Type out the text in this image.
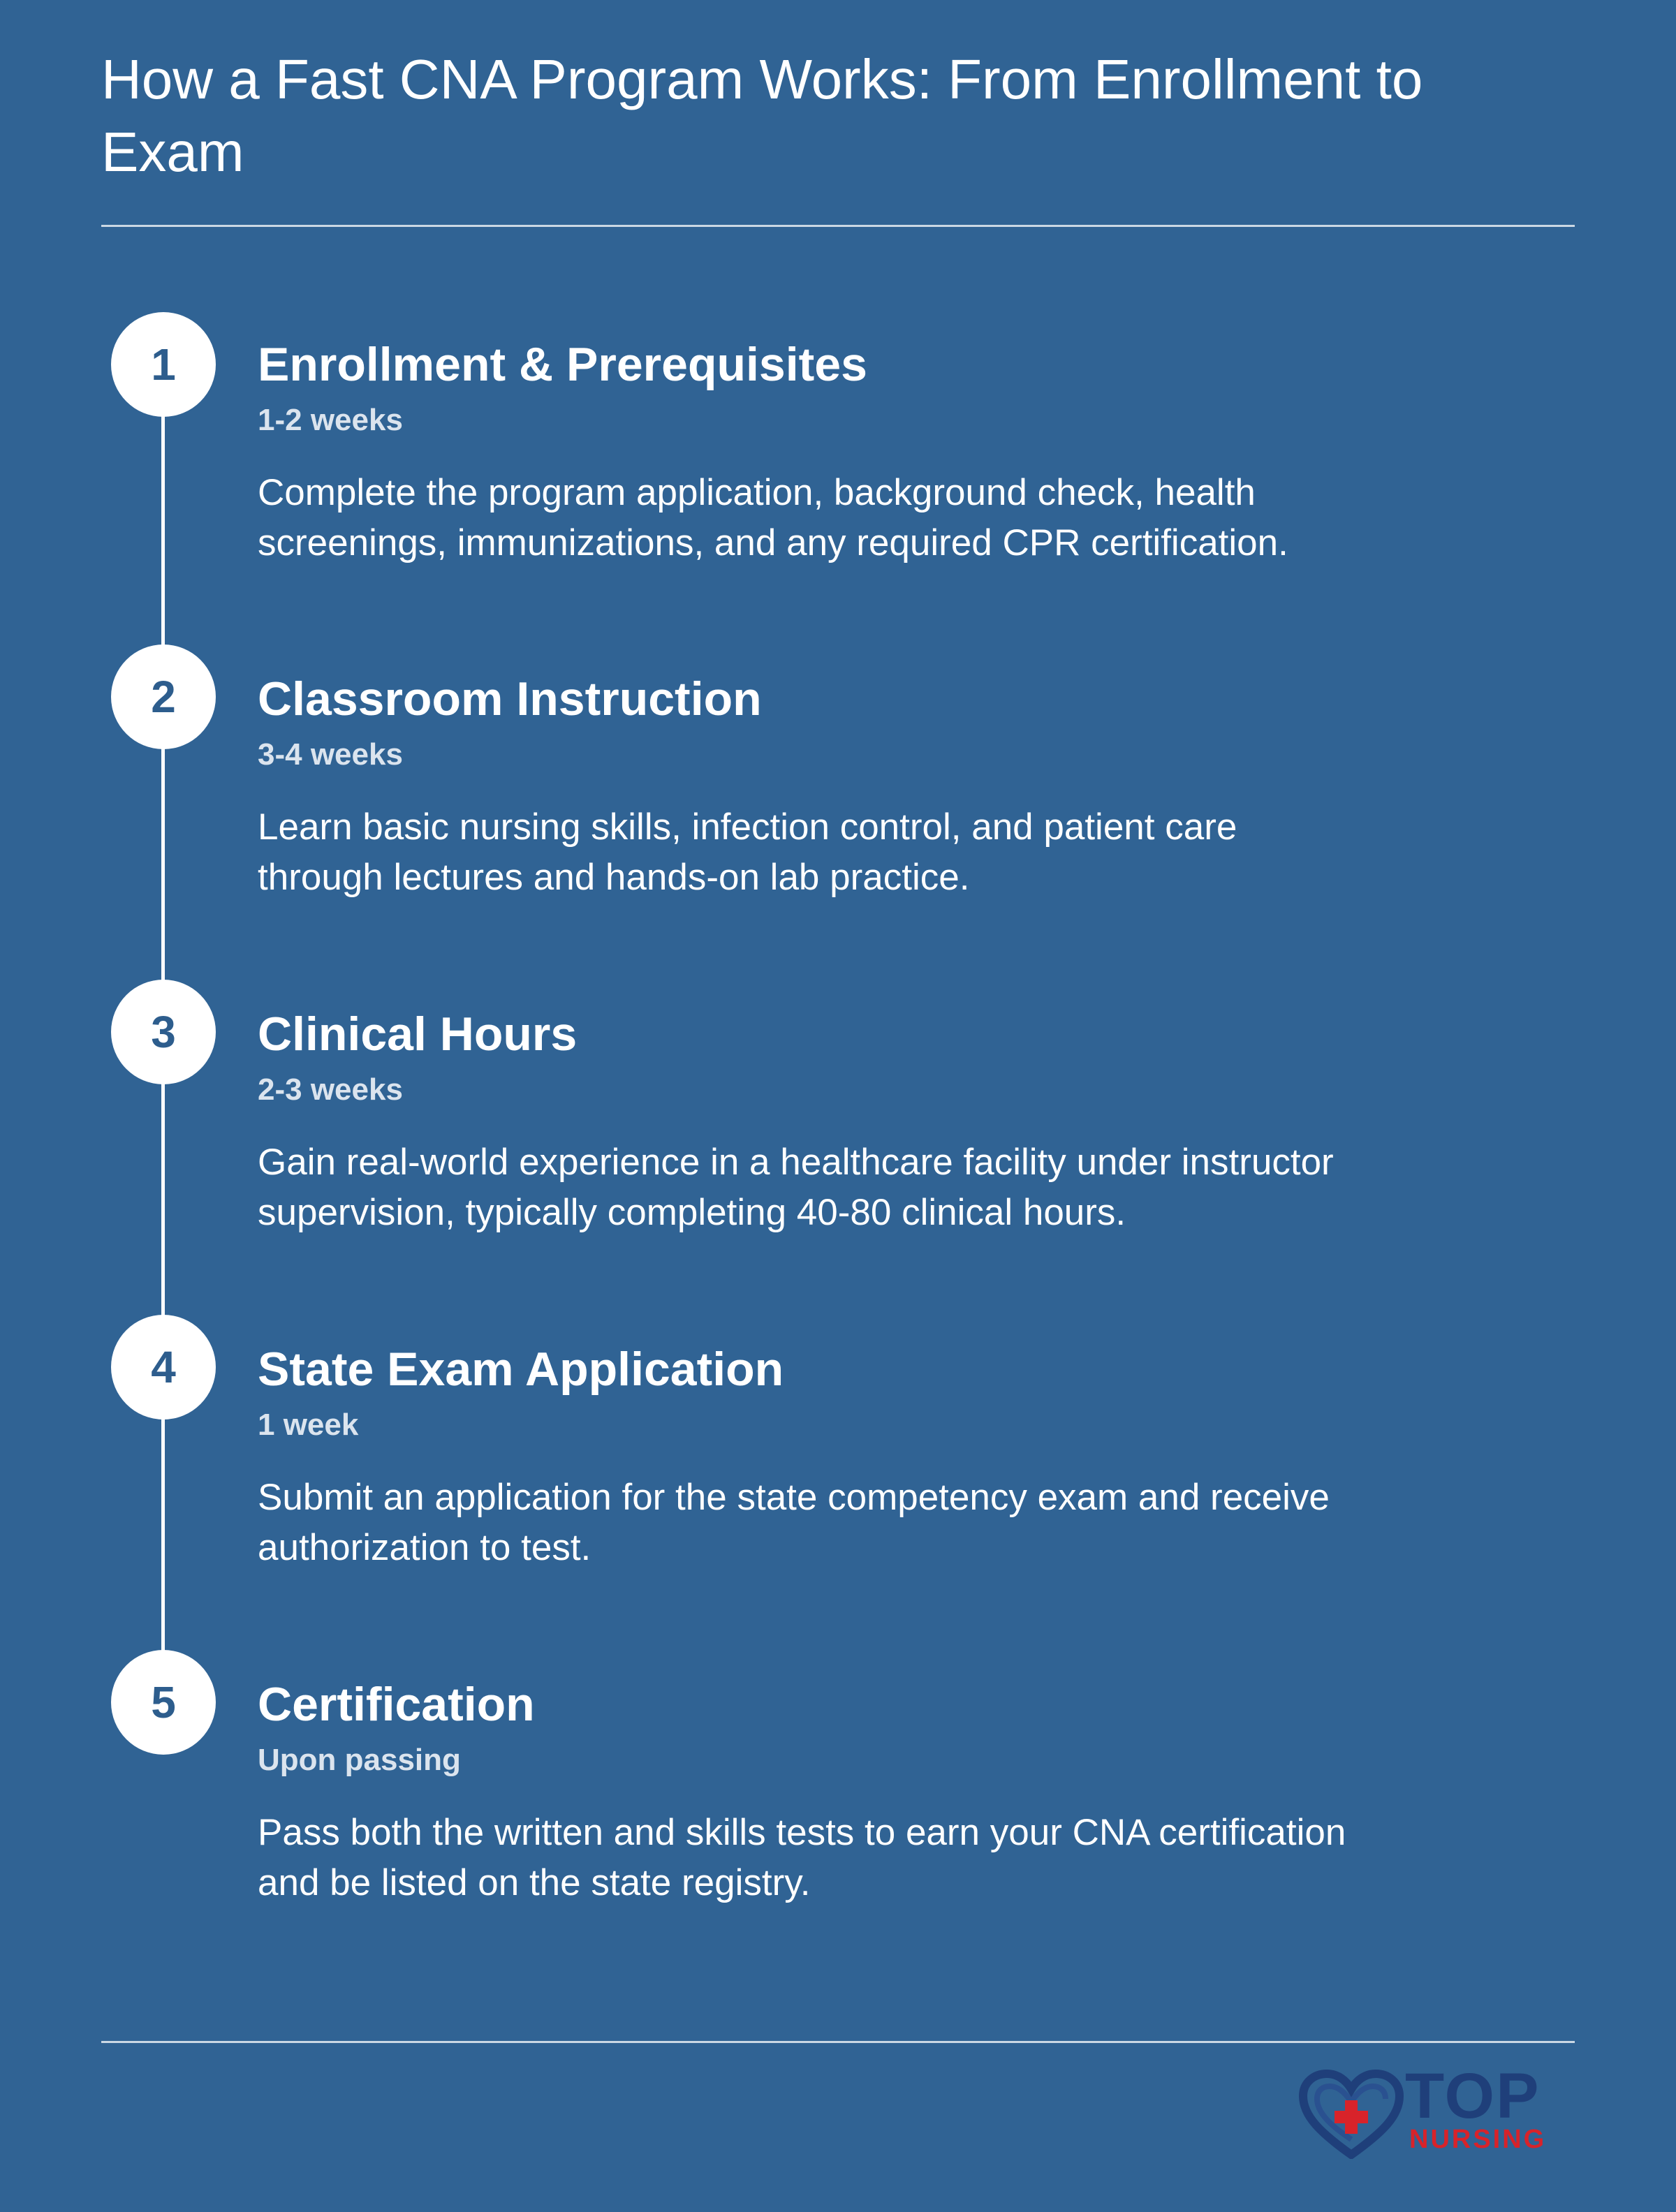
How a Fast CNA Program Works: From Enrollment to Exam
1	Enrollment & Prerequisites
1-2 weeks
Complete the program application, background check, health screenings, immunizations, and any required CPR certification.
2	Classroom Instruction
3-4 weeks
Learn basic nursing skills, infection control, and patient care through lectures and hands-on lab practice.
3	Clinical Hours
2-3 weeks
Gain real-world experience in a healthcare facility under instructor supervision, typically completing 40-80 clinical hours.
4	State Exam Application
1 week
Submit an application for the state competency exam and receive authorization to test.
5	Certification
Upon passing
Pass both the written and skills tests to earn your CNA certification and be listed on the state registry.
TOP
NURSING
